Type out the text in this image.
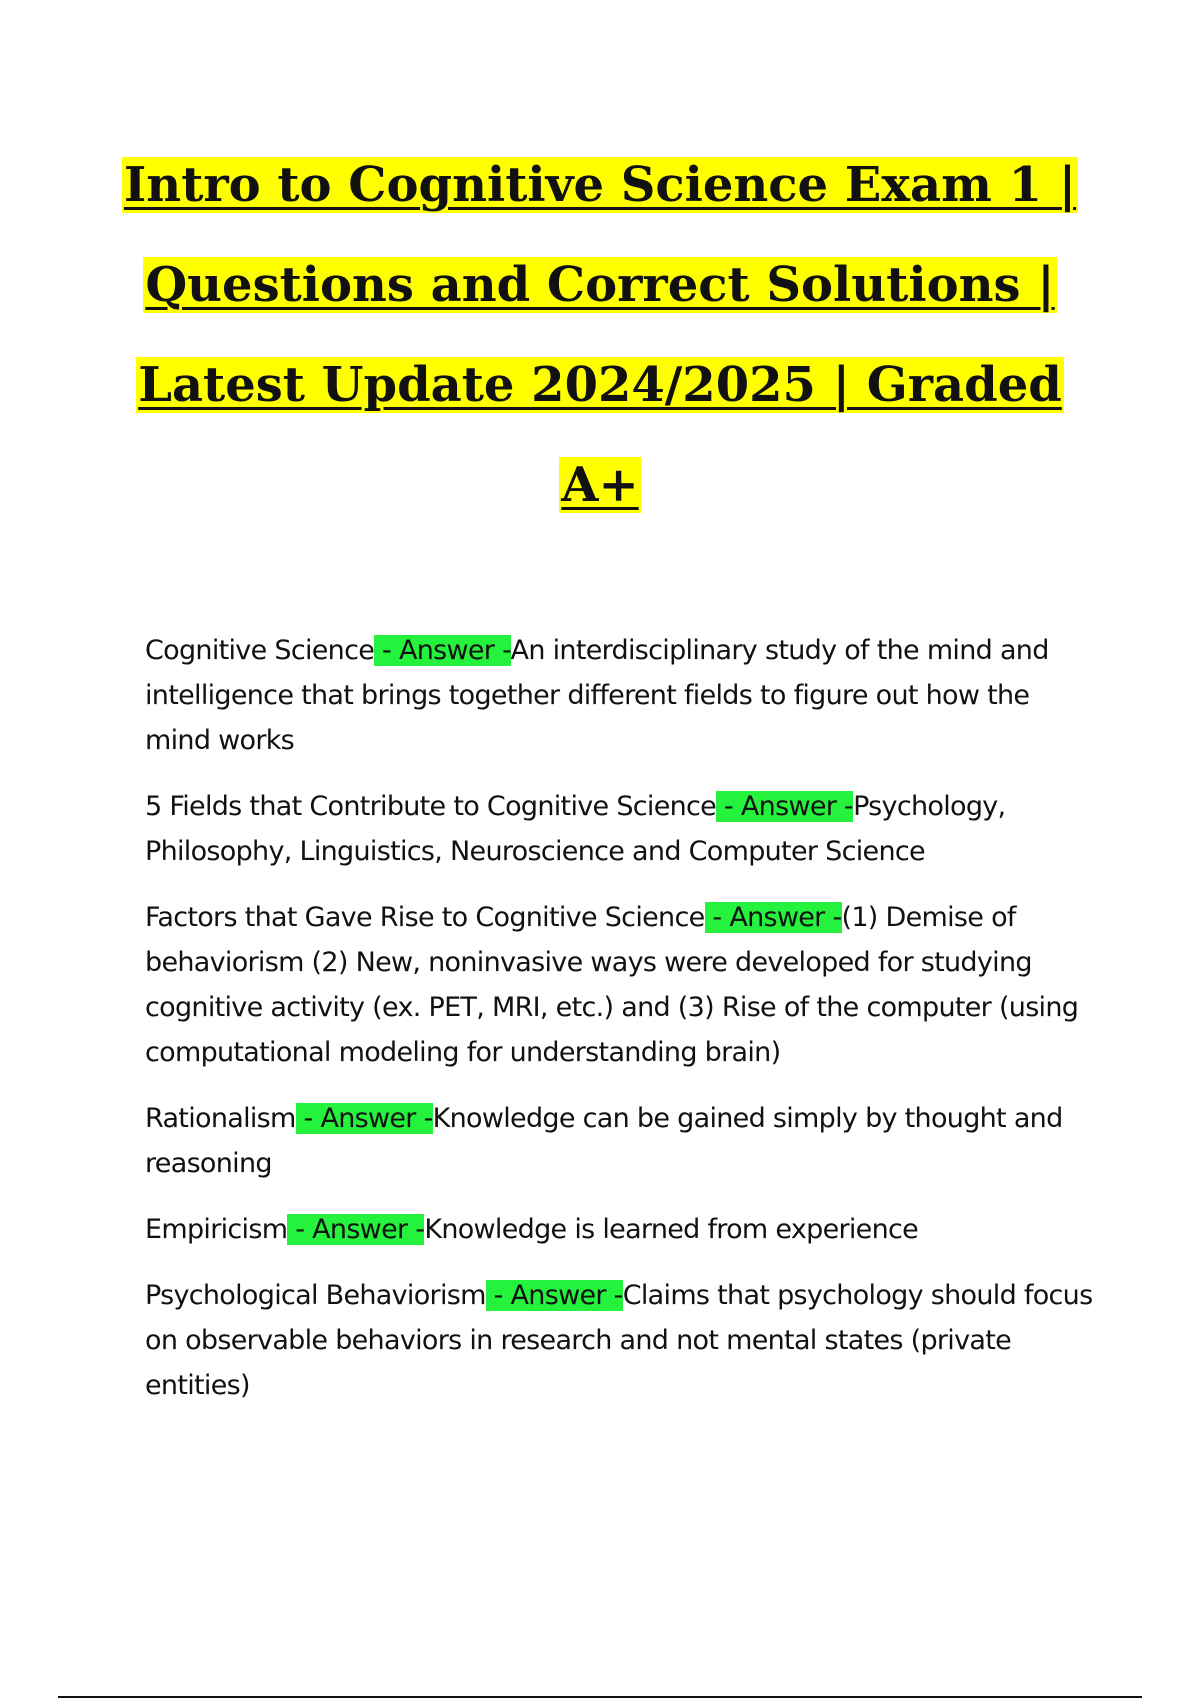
Intro to Cognitive Science Exam 1 |

Questions and Correct Solutions |

Latest Update 2024/2025 | Graded

A+

Cognitive Science - Answer -An interdisciplinary study of the mind and intelligence that brings together different fields to figure out how the mind works
5 Fields that Contribute to Cognitive Science - Answer -Psychology, Philosophy, Linguistics, Neuroscience and Computer Science
Factors that Gave Rise to Cognitive Science - Answer -(1) Demise of behaviorism (2) New, noninvasive ways were developed for studying cognitive activity (ex. PET, MRI, etc.) and (3) Rise of the computer (using computational modeling for understanding brain)
Rationalism - Answer -Knowledge can be gained simply by thought and reasoning
Empiricism - Answer -Knowledge is learned from experience
Psychological Behaviorism - Answer -Claims that psychology should focus on observable behaviors in research and not mental states (private entities)
